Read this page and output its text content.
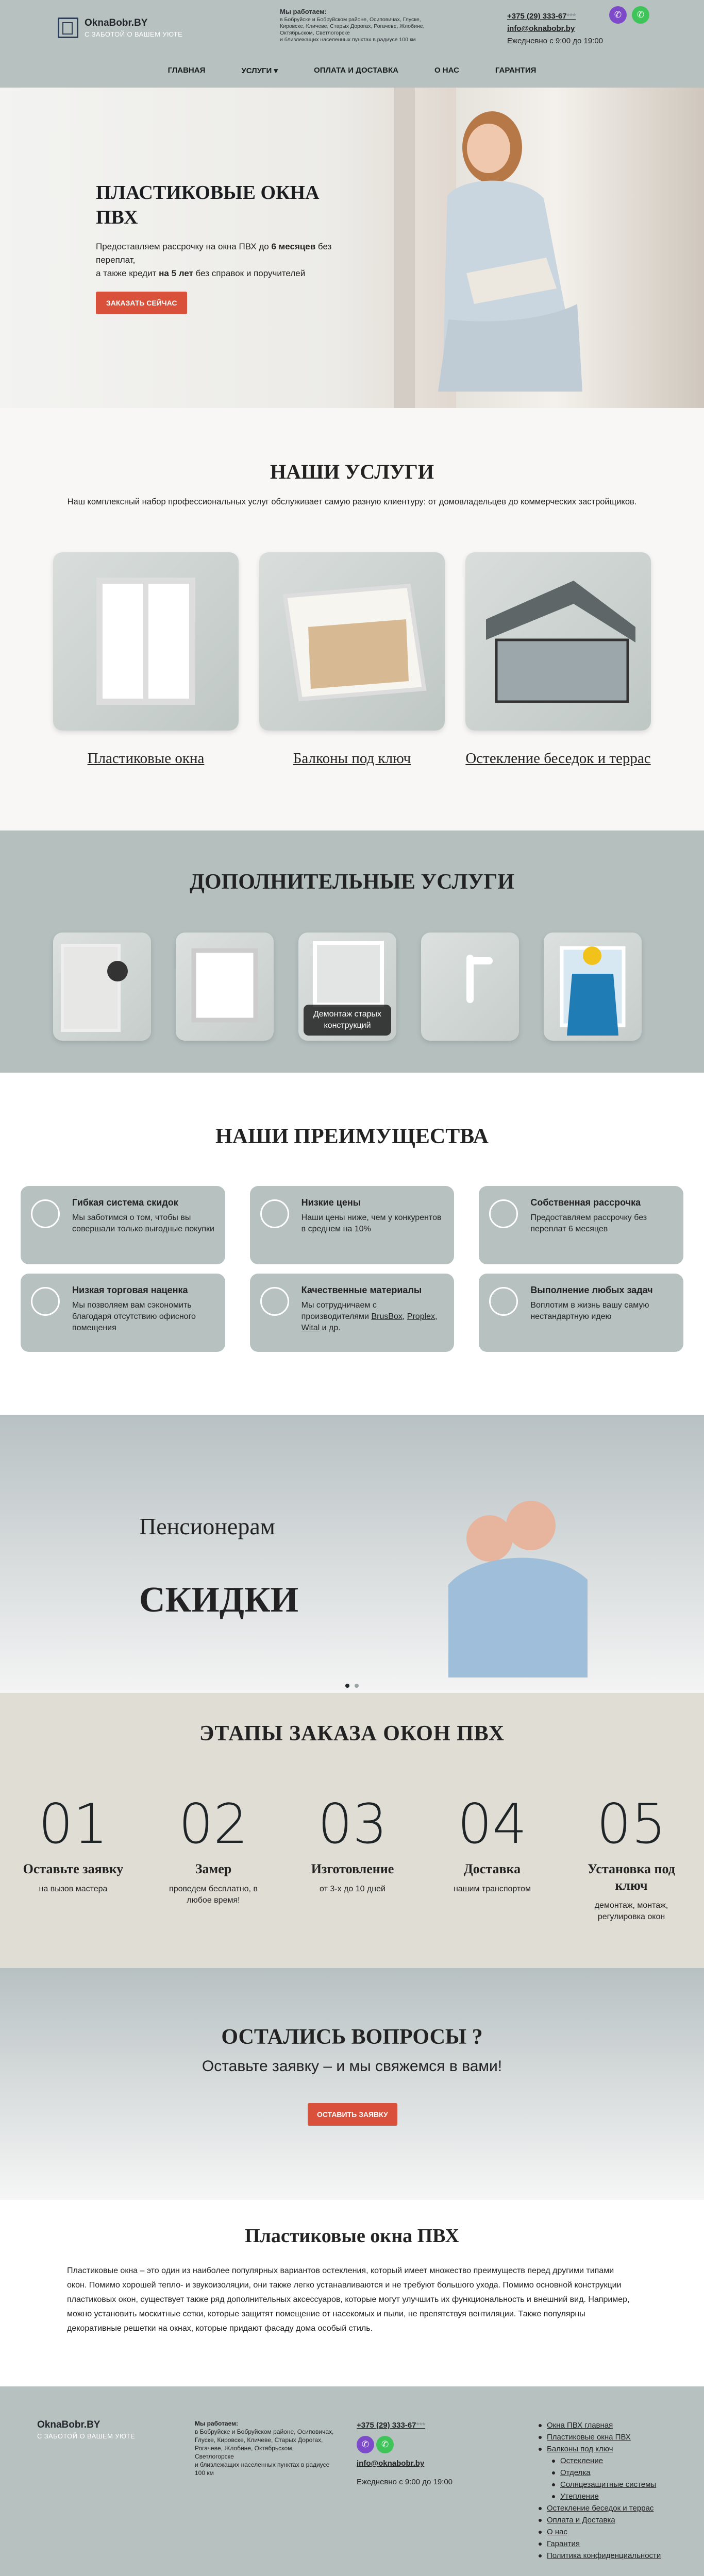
OknaBobr.BY
С ЗАБОТОЙ О ВАШЕМ УЮТЕ
Мы работаем:
в Бобруйске и Бобруйском районе, Осиповичах, Глуске, Кировске, Кличеве, Старых Дорогах, Рогачеве, Жлобине, Октябрьском, Светлогорске
и близлежащих населенных пунктах в радиусе 100 км
+375 (29) 333-67***
info@oknabobr.by
Ежедневно с 9:00 до 19:00
✆	✆
ГЛАВНАЯ	УСЛУГИ ▾	ОПЛАТА И ДОСТАВКА	О НАС	ГАРАНТИЯ
ПЛАСТИКОВЫЕ ОКНА
ПВХ

Предоставляем рассрочку на окна ПВХ до 6 месяцев без переплат,
а также кредит на 5 лет без справок и поручителей

ЗАКАЗАТЬ СЕЙЧАС
НАШИ УСЛУГИ
Наш комплексный набор профессиональных услуг обслуживает самую разную клиентуру: от домовладельцев до коммерческих застройщиков.
Пластиковые окна	Балконы под ключ	Остекление беседок и террас
ДОПОЛНИТЕЛЬНЫЕ УСЛУГИ
Демонтаж старых конструкций
НАШИ ПРЕИМУЩЕСТВА
Гибкая система скидок

Мы заботимся о том, чтобы вы совершали только выгодные покупки

Низкие цены

Наши цены ниже, чем у конкурентов в среднем на 10%

Собственная рассрочка

Предоставляем рассрочку без переплат 6 месяцев

Низкая торговая наценка

Мы позволяем вам сэкономить благодаря отсутствию офисного помещения

Качественные материалы

Мы сотрудничаем с производителями BrusBox, Proplex, Wital и др.

Выполнение любых задач

Воплотим в жизнь вашу самую нестандартную идею

Пенсионерам
СКИДКИ
ЭТАПЫ ЗАКАЗА ОКОН ПВХ
01
Оставьте заявку

на вызов мастера

02
Замер

проведем бесплатно, в любое время!

03
Изготовление

от 3-х до 10 дней

04
Доставка

нашим транспортом

05
Установка под ключ

демонтаж, монтаж, регулировка окон

ОСТАЛИСЬ ВОПРОСЫ ?
Оставьте заявку – и мы свяжемся в вами!
ОСТАВИТЬ ЗАЯВКУ
Пластиковые окна ПВХ

Пластиковые окна – это один из наиболее популярных вариантов остекления, который имеет множество преимуществ перед другими типами окон. Помимо хорошей тепло- и звукоизоляции, они также легко устанавливаются и не требуют большого ухода. Помимо основной конструкции пластиковых окон, существует также ряд дополнительных аксессуаров, которые могут улучшить их функциональность и внешний вид. Например, можно установить москитные сетки, которые защитят помещение от насекомых и пыли, не препятствуя вентиляции. Также популярны декоративные решетки на окнах, которые придают фасаду дома особый стиль.

OknaBobr.BY
С ЗАБОТОЙ О ВАШЕМ УЮТЕ
Мы работаем:
в Бобруйске и Бобруйском районе, Осиповичах, Глуске, Кировске, Кличеве, Старых Дорогах, Рогачеве, Жлобине, Октябрьском, Светлогорске
и близлежащих населенных пунктах в радиусе 100 км
+375 (29) 333-67***
✆ ✆
info@oknabobr.by
Ежедневно с 9:00 до 19:00
Окна ПВХ главная
Пластиковые окна ПВХ
Балконы под ключ
Остекление
Отделка
Солнцезащитные системы
Утепление
Остекление беседок и террас
Оплата и Доставка
О нас
Гарантия
Политика конфиденциальности
